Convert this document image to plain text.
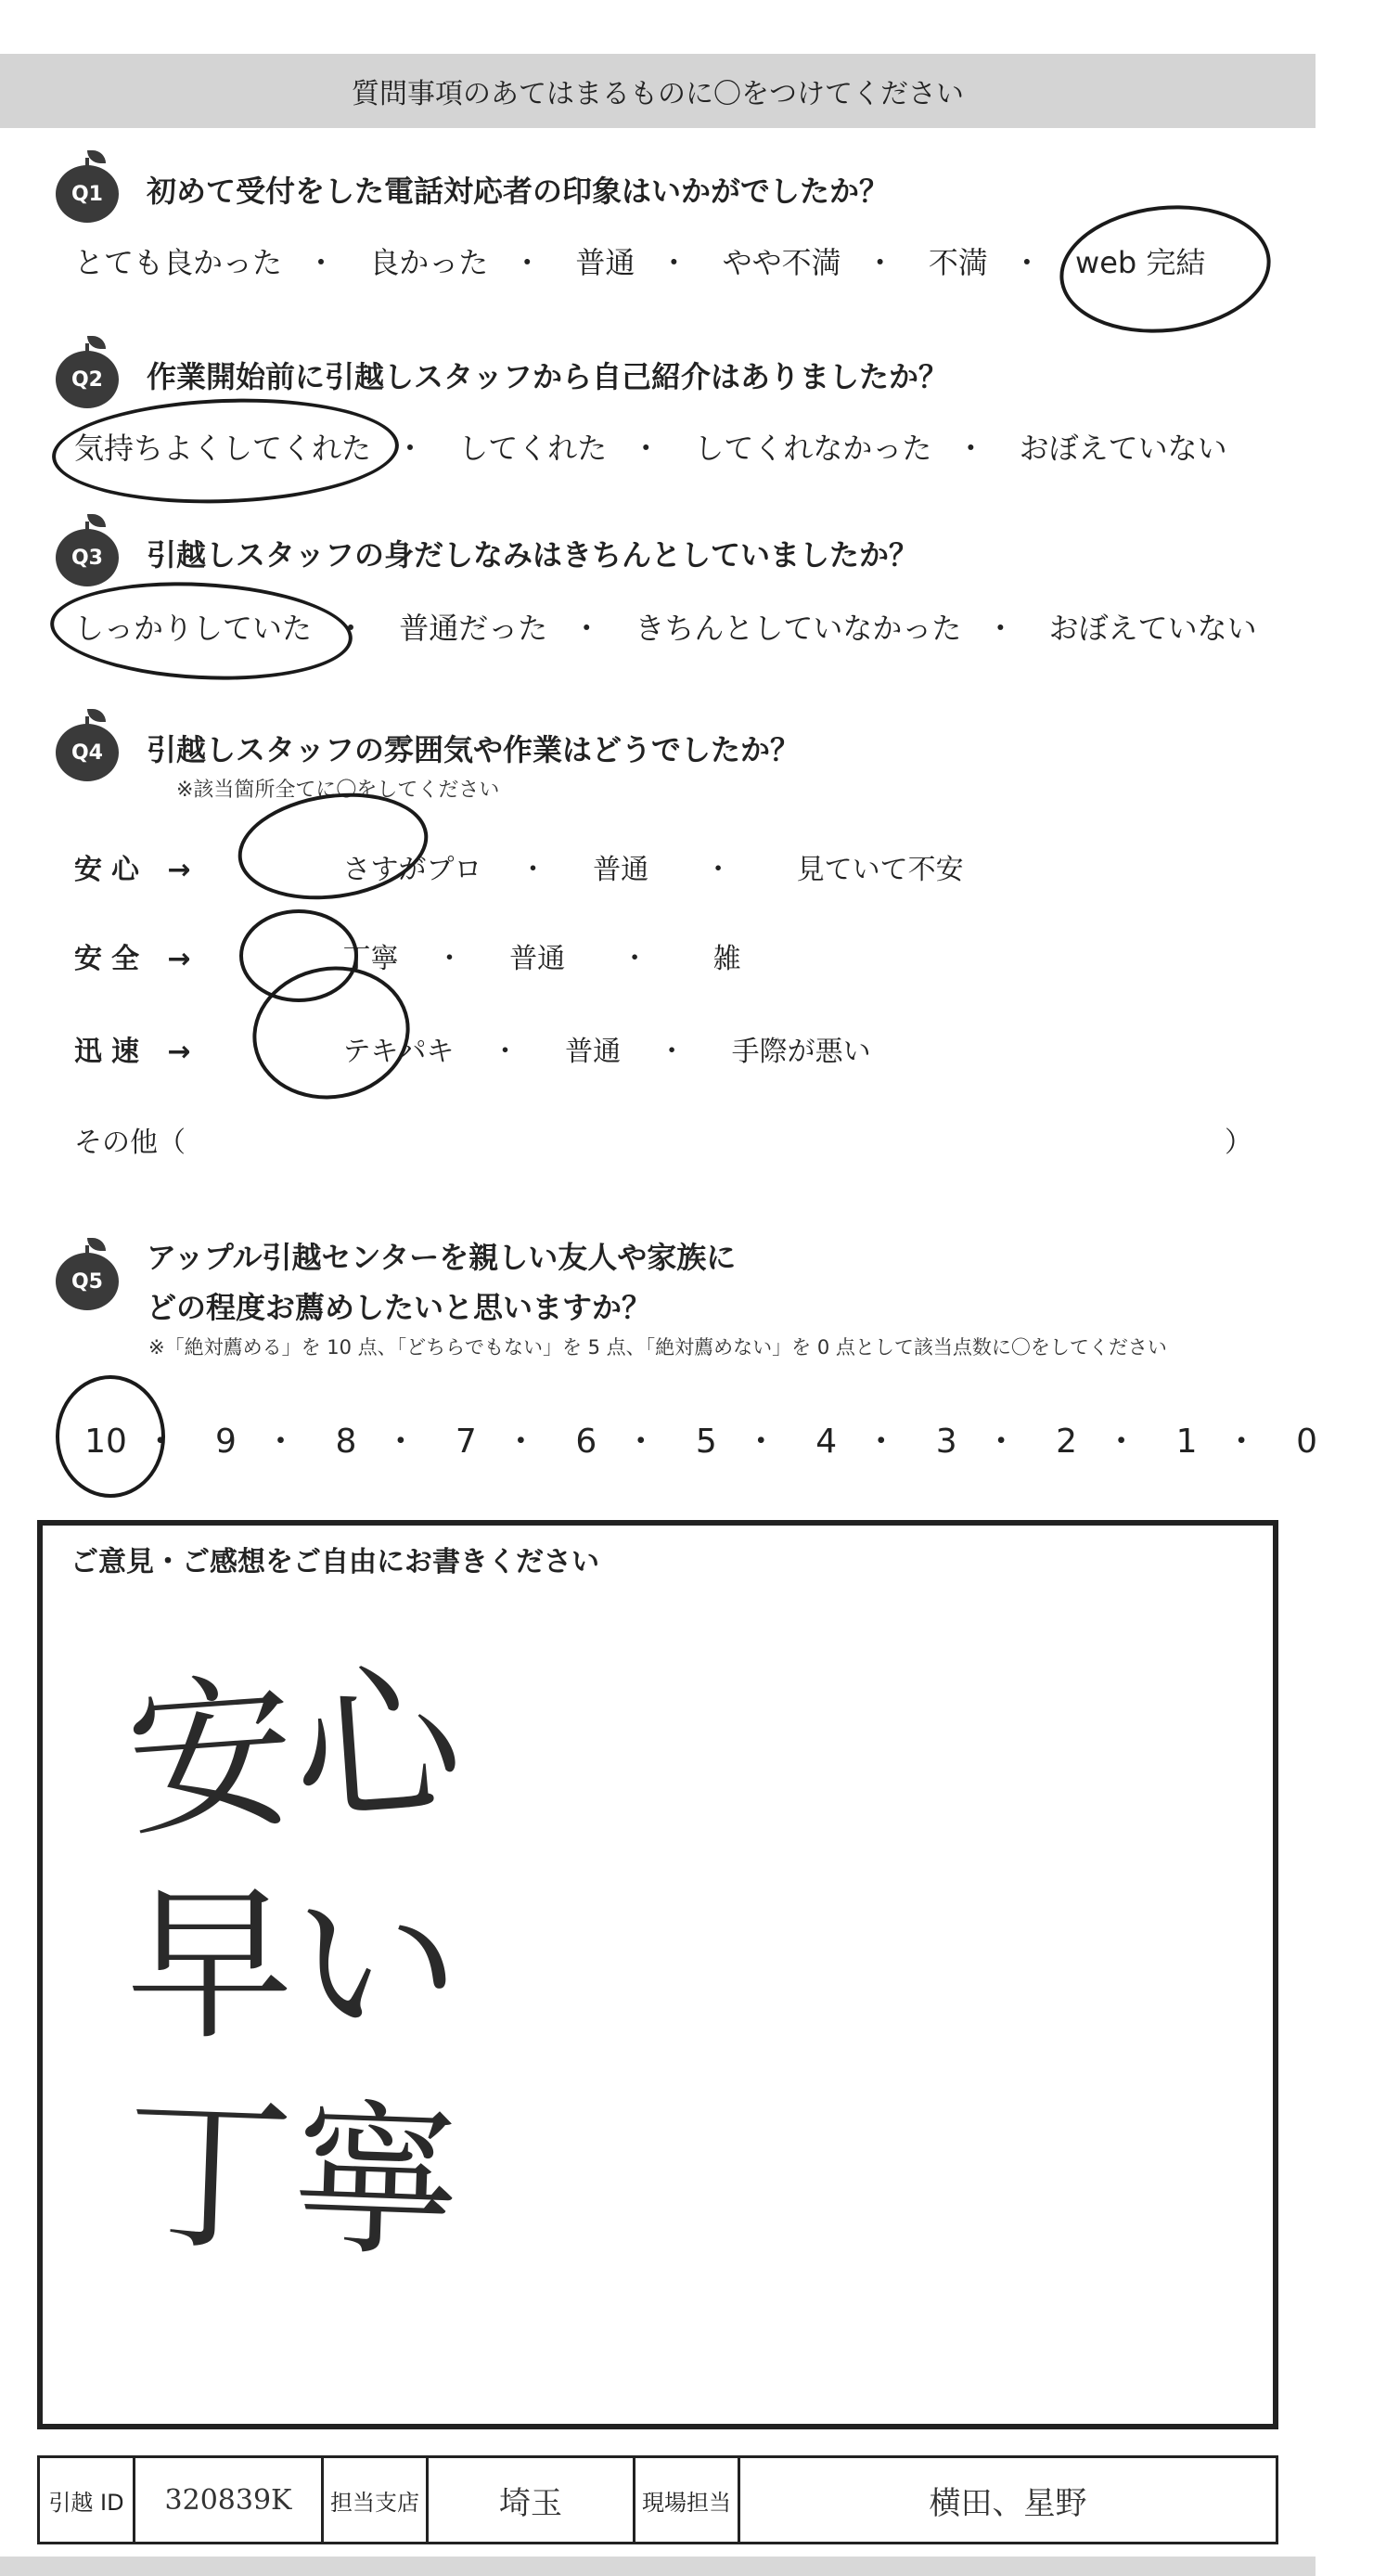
質問事項のあてはまるものに〇をつけてください
Q1	初めて受付をした電話対応者の印象はいかがでしたか？
とても良かった ・ 良かった ・ 普通 ・ やや不満 ・ 不満 ・ web 完結
Q2	作業開始前に引越しスタッフから自己紹介はありましたか？
気持ちよくしてくれた ・ してくれた ・ してくれなかった ・ おぼえていない
Q3	引越しスタッフの身だしなみはきちんとしていましたか？
しっかりしていた ・ 普通だった ・ きちんとしていなかった ・ おぼえていない
Q4	引越しスタッフの雰囲気や作業はどうでしたか？
※該当箇所全てに〇をしてください
安心 →	さすがプロ ・ 普通 ・ 見ていて不安
安全 →	丁寧 ・ 普通 ・ 雑
迅速 →	テキパキ ・ 普通 ・ 手際が悪い
その他（	）
Q5
アップル引越センターを親しい友人や家族に
どの程度お薦めしたいと思いますか？
※「絶対薦める」を 10 点、「どちらでもない」を 5 点、「絶対薦めない」を 0 点として該当点数に〇をしてください
10 ・ 9 ・ 8 ・ 7 ・ 6 ・ 5 ・ 4 ・ 3 ・ 2 ・ 1 ・ 0
ご意見・ご感想をご自由にお書きください
安心
早い
丁寧
引越 ID	320839K	担当支店	埼玉	現場担当	横田、星野
